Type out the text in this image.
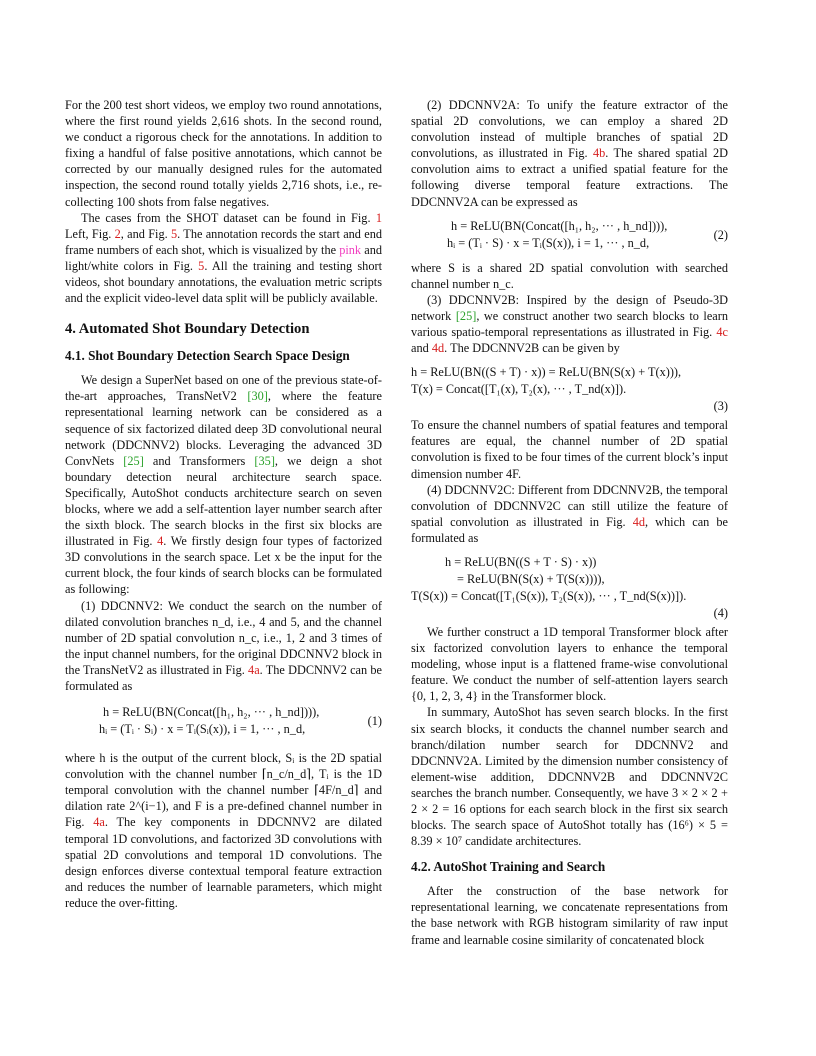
For the 200 test short videos, we employ two round annotations, where the first round yields 2,616 shots. In the second round, we conduct a rigorous check for the annotations. In addition to fixing a handful of false positive annotations, which cannot be corrected by our manually designed rules for the automated inspection, the second round totally yields 2,716 shots, i.e., re-collecting 100 shots from false negatives.

The cases from the SHOT dataset can be found in Fig. 1 Left, Fig. 2, and Fig. 5. The annotation records the start and end frame numbers of each shot, which is visualized by the pink and light/white colors in Fig. 5. All the training and testing short videos, shot boundary annotations, the evaluation metric scripts and the explicit video-level data split will be publicly available.

4. Automated Shot Boundary Detection
4.1. Shot Boundary Detection Search Space Design

We design a SuperNet based on one of the previous state-of-the-art approaches, TransNetV2 [30], where the feature representational learning network can be considered as a sequence of six factorized dilated deep 3D convolutional neural network (DDCNNV2) blocks. Leveraging the advanced 3D ConvNets [25] and Transformers [35], we deign a shot boundary detection neural architecture search space. Specifically, AutoShot conducts architecture search on seven blocks, where we add a self-attention layer number search after the sixth block. The search blocks in the first six blocks are illustrated in Fig. 4. We firstly design four types of factorized 3D convolutions in the search space. Let x be the input for the current block, the four kinds of search blocks can be formulated as following:

(1) DDCNNV2: We conduct the search on the number of dilated convolution branches n_d, i.e., 4 and 5, and the channel number of 2D spatial convolution n_c, i.e., 1, 2 and 3 times of the input channel numbers, for the original DDCNNV2 block in the TransNetV2 as illustrated in Fig. 4a. The DDCNNV2 can be formulated as

h = ReLU(BN(Concat([h₁, h₂, ··· , h_nd]))),
hᵢ = (Tᵢ · Sᵢ) · x = Tᵢ(Sᵢ(x)), i = 1, ··· , n_d,
(1)

where h is the output of the current block, Sᵢ is the 2D spatial convolution with the channel number ⌈n_c/n_d⌉, Tᵢ is the 1D temporal convolution with the channel number ⌈4F/n_d⌉ and dilation rate 2^(i−1), and F is a pre-defined channel number in Fig. 4a. The key components in DDCNNV2 are dilated temporal 1D convolutions, and factorized 3D convolutions with spatial 2D convolutions and temporal 1D convolutions. The design enforces diverse contextual temporal feature extraction and reduces the number of learnable parameters, which might reduce the over-fitting.

(2) DDCNNV2A: To unify the feature extractor of the spatial 2D convolutions, we can employ a shared 2D convolution instead of multiple branches of spatial 2D convolutions, as illustrated in Fig. 4b. The shared spatial 2D convolution aims to extract a unified spatial feature for the following diverse temporal feature extractions. The DDCNNV2A can be expressed as

h = ReLU(BN(Concat([h₁, h₂, ··· , h_nd]))),
hᵢ = (Tᵢ · S) · x = Tᵢ(S(x)), i = 1, ··· , n_d,
(2)

where S is a shared 2D spatial convolution with searched channel number n_c.

(3) DDCNNV2B: Inspired by the design of Pseudo-3D network [25], we construct another two search blocks to learn various spatio-temporal representations as illustrated in Fig. 4c and 4d. The DDCNNV2B can be given by

h = ReLU(BN((S + T) · x)) = ReLU(BN(S(x) + T(x))),
T(x) = Concat([T₁(x), T₂(x), ··· , T_nd(x)]).
(3)

To ensure the channel numbers of spatial features and temporal features are equal, the channel number of 2D spatial convolution is fixed to be four times of the current block’s input dimension number 4F.

(4) DDCNNV2C: Different from DDCNNV2B, the temporal convolution of DDCNNV2C can still utilize the feature of spatial convolution as illustrated in Fig. 4d, which can be formulated as

h = ReLU(BN((S + T · S) · x))
= ReLU(BN(S(x) + T(S(x)))),
T(S(x)) = Concat([T₁(S(x)), T₂(S(x)), ··· , T_nd(S(x))]).
(4)

We further construct a 1D temporal Transformer block after six factorized convolution layers to enhance the temporal modeling, whose input is a flattened frame-wise convolutional feature. We conduct the number of self-attention layers search {0, 1, 2, 3, 4} in the Transformer block.

In summary, AutoShot has seven search blocks. In the first six search blocks, it conducts the channel number search and branch/dilation number search for DDCNNV2 and DDCNNV2A. Limited by the dimension number consistency of element-wise addition, DDCNNV2B and DDCNNV2C searches the branch number. Consequently, we have 3 × 2 × 2 + 2 × 2 = 16 options for each search block in the first six search blocks. The search space of AutoShot totally has (16⁶) × 5 = 8.39 × 10⁷ candidate architectures.

4.2. AutoShot Training and Search

After the construction of the base network for representational learning, we concatenate representations from the base network with RGB histogram similarity of raw input frame and learnable cosine similarity of concatenated block
